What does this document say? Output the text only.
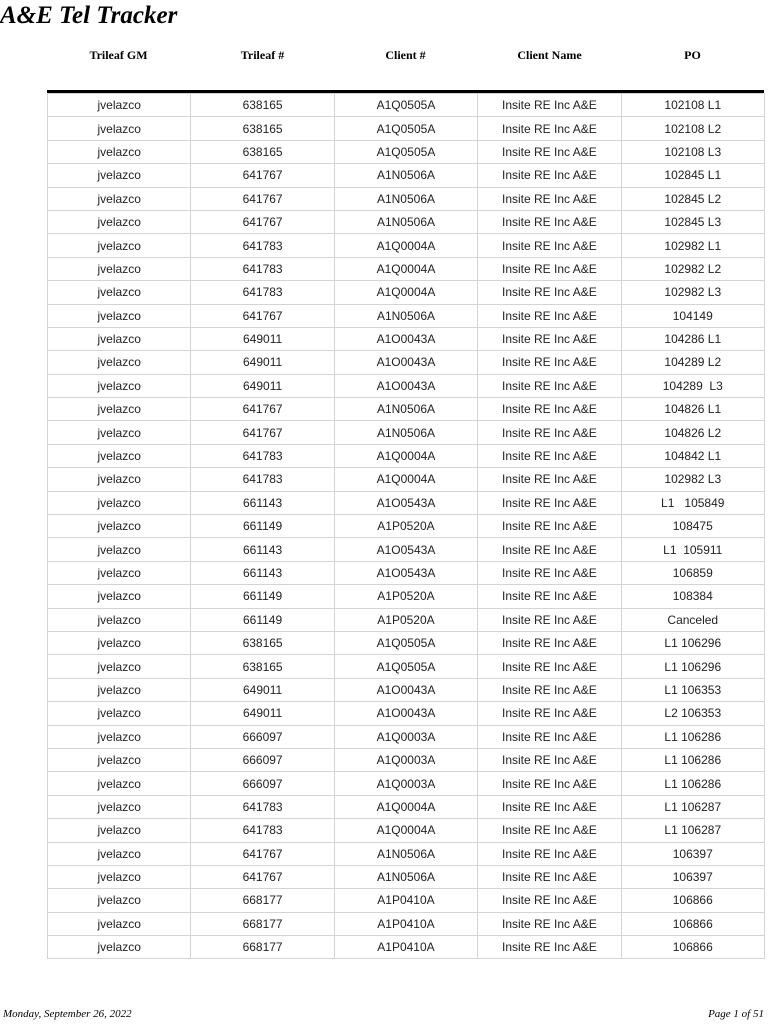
A&E Tel Tracker
Trileaf GM	Trileaf #	Client #	Client Name	PO
jvelazco	638165	A1Q0505A	Insite RE Inc A&E	102108 L1
jvelazco	638165	A1Q0505A	Insite RE Inc A&E	102108 L2
jvelazco	638165	A1Q0505A	Insite RE Inc A&E	102108 L3
jvelazco	641767	A1N0506A	Insite RE Inc A&E	102845 L1
jvelazco	641767	A1N0506A	Insite RE Inc A&E	102845 L2
jvelazco	641767	A1N0506A	Insite RE Inc A&E	102845 L3
jvelazco	641783	A1Q0004A	Insite RE Inc A&E	102982 L1
jvelazco	641783	A1Q0004A	Insite RE Inc A&E	102982 L2
jvelazco	641783	A1Q0004A	Insite RE Inc A&E	102982 L3
jvelazco	641767	A1N0506A	Insite RE Inc A&E	104149
jvelazco	649011	A1O0043A	Insite RE Inc A&E	104286 L1
jvelazco	649011	A1O0043A	Insite RE Inc A&E	104289 L2
jvelazco	649011	A1O0043A	Insite RE Inc A&E	104289  L3
jvelazco	641767	A1N0506A	Insite RE Inc A&E	104826 L1
jvelazco	641767	A1N0506A	Insite RE Inc A&E	104826 L2
jvelazco	641783	A1Q0004A	Insite RE Inc A&E	104842 L1
jvelazco	641783	A1Q0004A	Insite RE Inc A&E	102982 L3
jvelazco	661143	A1O0543A	Insite RE Inc A&E	L1   105849
jvelazco	661149	A1P0520A	Insite RE Inc A&E	108475
jvelazco	661143	A1O0543A	Insite RE Inc A&E	L1  105911
jvelazco	661143	A1O0543A	Insite RE Inc A&E	106859
jvelazco	661149	A1P0520A	Insite RE Inc A&E	108384
jvelazco	661149	A1P0520A	Insite RE Inc A&E	Canceled
jvelazco	638165	A1Q0505A	Insite RE Inc A&E	L1 106296
jvelazco	638165	A1Q0505A	Insite RE Inc A&E	L1 106296
jvelazco	649011	A1O0043A	Insite RE Inc A&E	L1 106353
jvelazco	649011	A1O0043A	Insite RE Inc A&E	L2 106353
jvelazco	666097	A1Q0003A	Insite RE Inc A&E	L1 106286
jvelazco	666097	A1Q0003A	Insite RE Inc A&E	L1 106286
jvelazco	666097	A1Q0003A	Insite RE Inc A&E	L1 106286
jvelazco	641783	A1Q0004A	Insite RE Inc A&E	L1 106287
jvelazco	641783	A1Q0004A	Insite RE Inc A&E	L1 106287
jvelazco	641767	A1N0506A	Insite RE Inc A&E	106397
jvelazco	641767	A1N0506A	Insite RE Inc A&E	106397
jvelazco	668177	A1P0410A	Insite RE Inc A&E	106866
jvelazco	668177	A1P0410A	Insite RE Inc A&E	106866
jvelazco	668177	A1P0410A	Insite RE Inc A&E	106866
Monday, September 26, 2022	Page 1 of 51
